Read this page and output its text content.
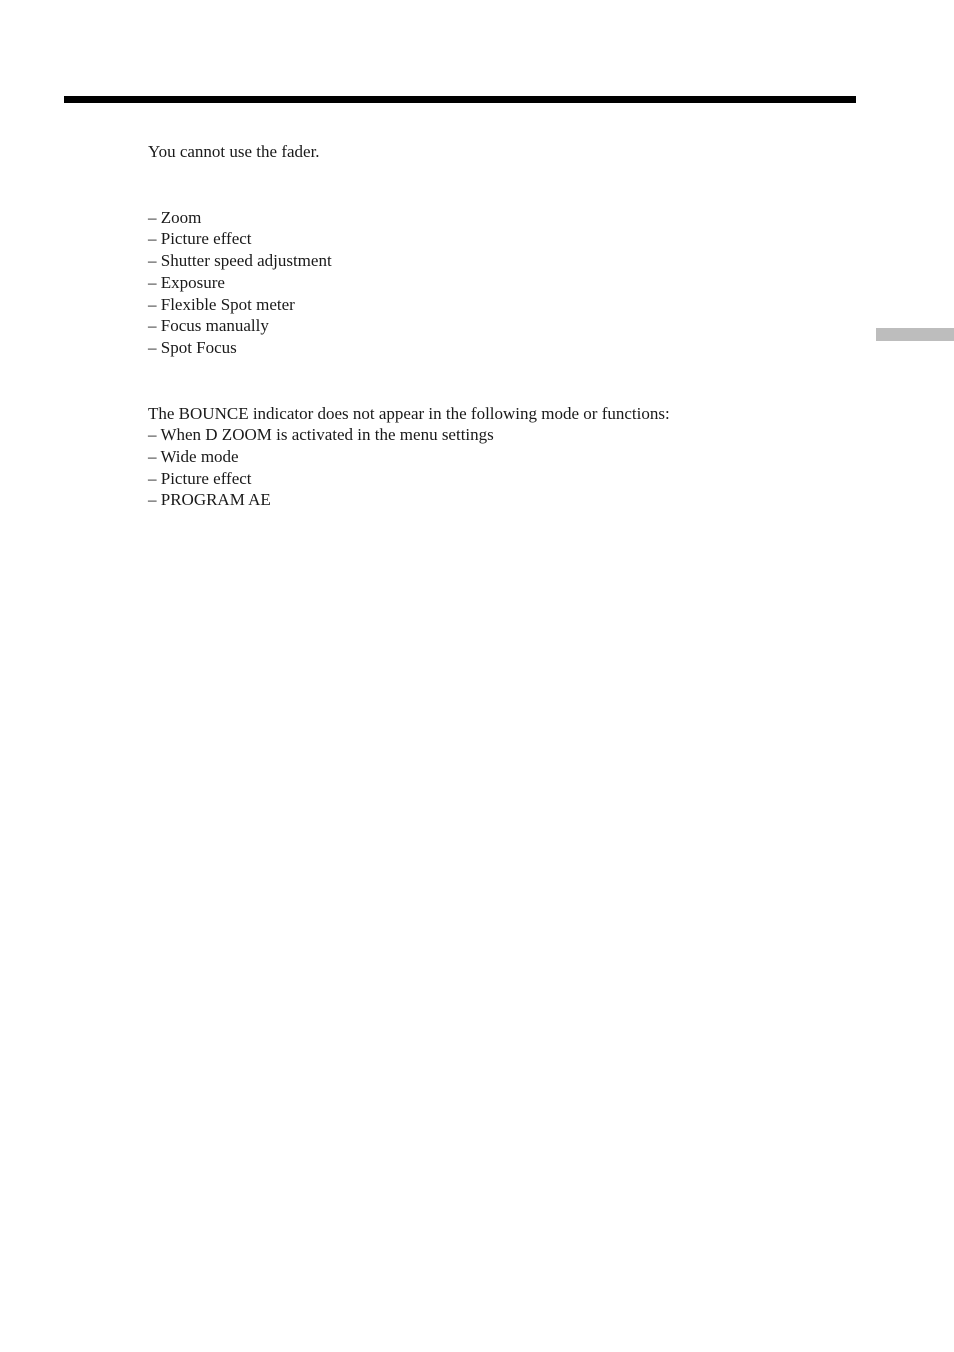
You cannot use the fader.

– Zoom
– Picture effect
– Shutter speed adjustment
– Exposure
– Flexible Spot meter
– Focus manually
– Spot Focus

The BOUNCE indicator does not appear in the following mode or functions:

– When D ZOOM is activated in the menu settings
– Wide mode
– Picture effect
– PROGRAM AE
